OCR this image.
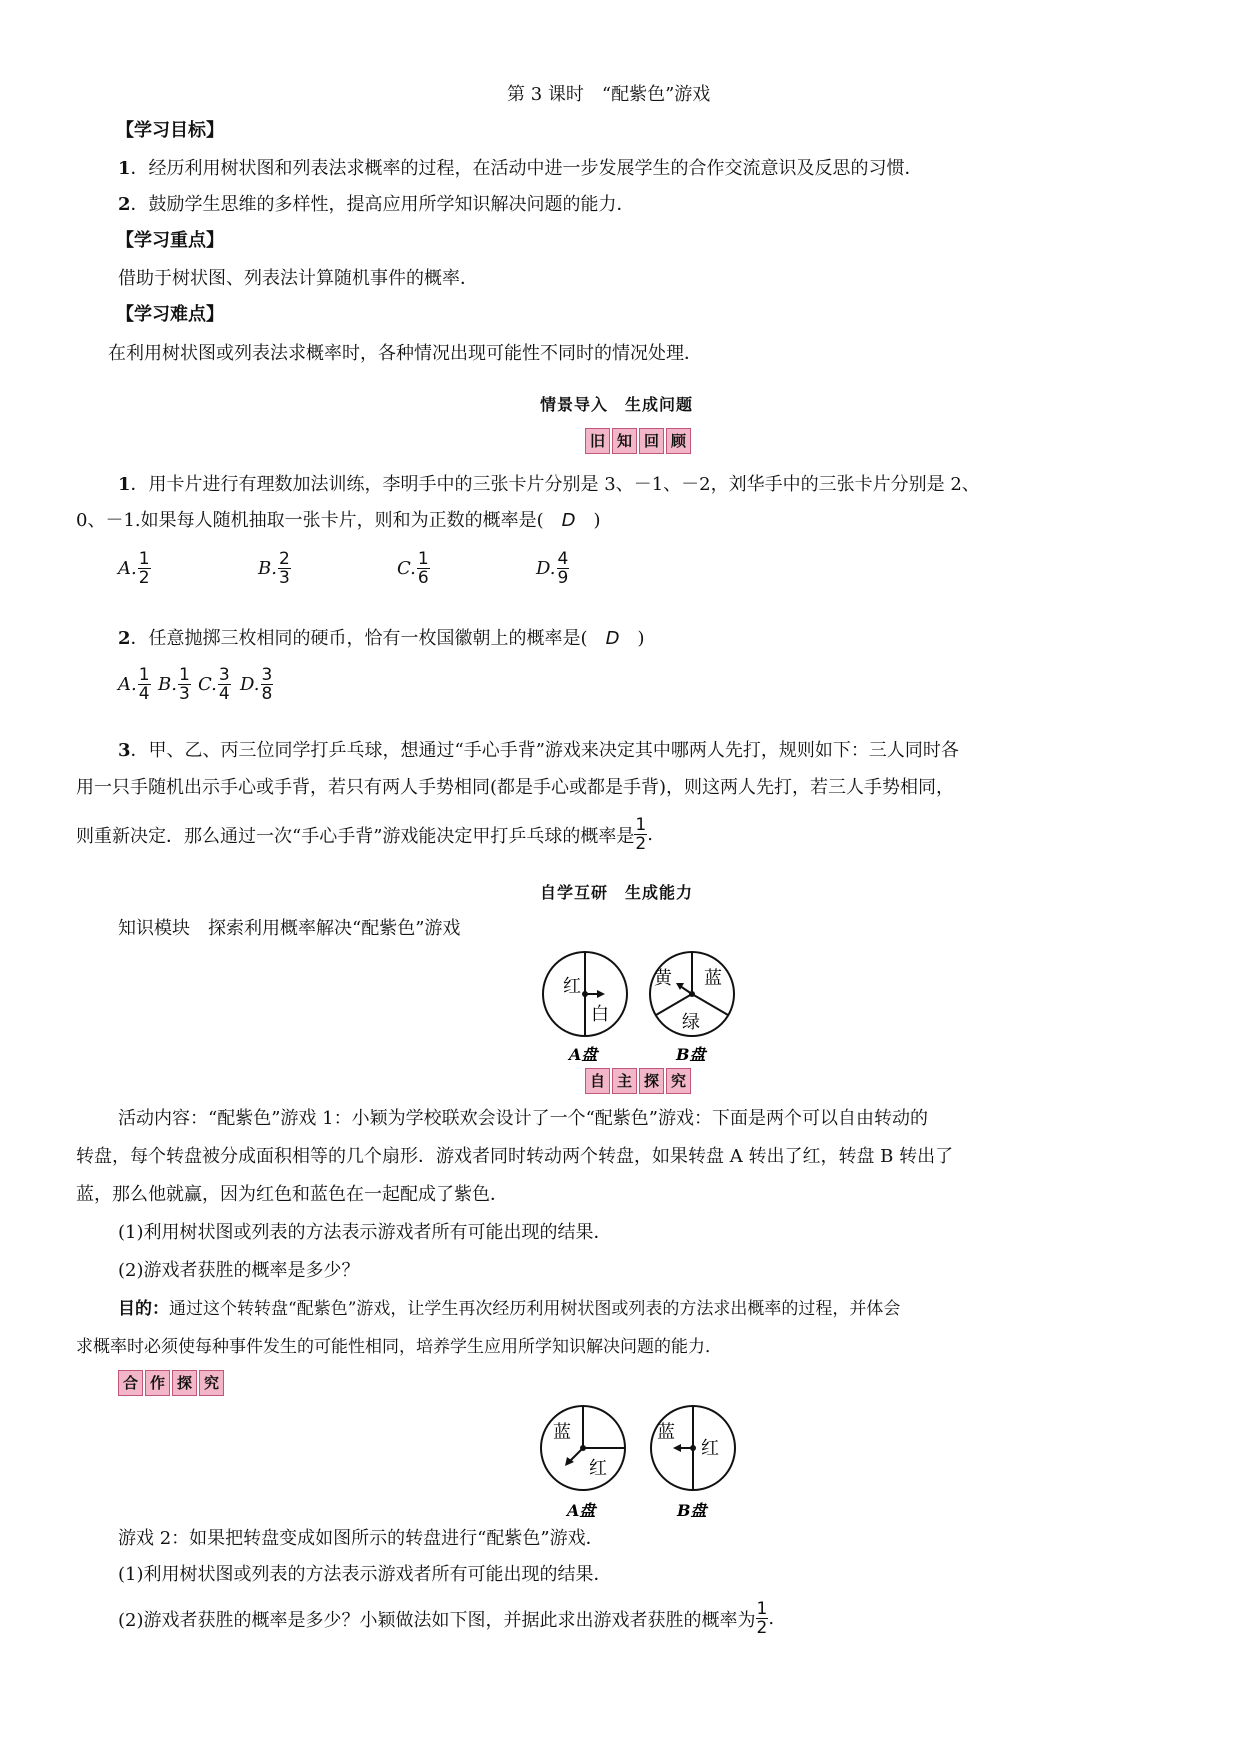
第 3 课时　“配紫色”游戏
【学习目标】
1．经历利用树状图和列表法求概率的过程，在活动中进一步发展学生的合作交流意识及反思的习惯．
2．鼓励学生思维的多样性，提高应用所学知识解决问题的能力．
【学习重点】
借助于树状图、列表法计算随机事件的概率．
【学习难点】
在利用树状图或列表法求概率时，各种情况出现可能性不同时的情况处理．
情景导入　生成问题
旧 知 回 顾
1．用卡片进行有理数加法训练，李明手中的三张卡片分别是 3、－1、－2，刘华手中的三张卡片分别是 2、
0、－1.如果每人随机抽取一张卡片，则和为正数的概率是( D )
A. $\frac{1}{2}$	B. $\frac{2}{3}$	C. $\frac{1}{6}$	D. $\frac{4}{9}$
2．任意抛掷三枚相同的硬币，恰有一枚国徽朝上的概率是( D )
A. $\frac{1}{4} B$. $\frac{1}{3} C$. $\frac{3}{4} D$. $\frac{3}{8}$
3．甲、乙、丙三位同学打乒乓球，想通过“手心手背”游戏来决定其中哪两人先打，规则如下：三人同时各
用一只手随机出示手心或手背，若只有两人手势相同(都是手心或都是手背)，则这两人先打，若三人手势相同，
则重新决定．那么通过一次“手心手背”游戏能决定甲打乒乓球的概率是 $\frac{1}{2}$ .
自学互研　生成能力
知识模块　探索利用概率解决“配紫色”游戏
红
白
A盘
黄 蓝
绿
B盘
自 主 探 究
活动内容：“配紫色”游戏 1：小颖为学校联欢会设计了一个“配紫色”游戏：下面是两个可以自由转动的
转盘，每个转盘被分成面积相等的几个扇形．游戏者同时转动两个转盘，如果转盘 A 转出了红，转盘 B 转出了
蓝，那么他就赢，因为红色和蓝色在一起配成了紫色．
(1)利用树状图或列表的方法表示游戏者所有可能出现的结果．
(2)游戏者获胜的概率是多少？
目的：通过这个转转盘“配紫色”游戏，让学生再次经历利用树状图或列表的方法求出概率的过程，并体会
求概率时必须使每种事件发生的可能性相同，培养学生应用所学知识解决问题的能力．
合 作 探 究
蓝
红
A盘
蓝
红
B盘
游戏 2：如果把转盘变成如图所示的转盘进行“配紫色”游戏．
(1)利用树状图或列表的方法表示游戏者所有可能出现的结果．
(2)游戏者获胜的概率是多少？小颖做法如下图，并据此求出游戏者获胜的概率为 $\frac{1}{2}$ .
